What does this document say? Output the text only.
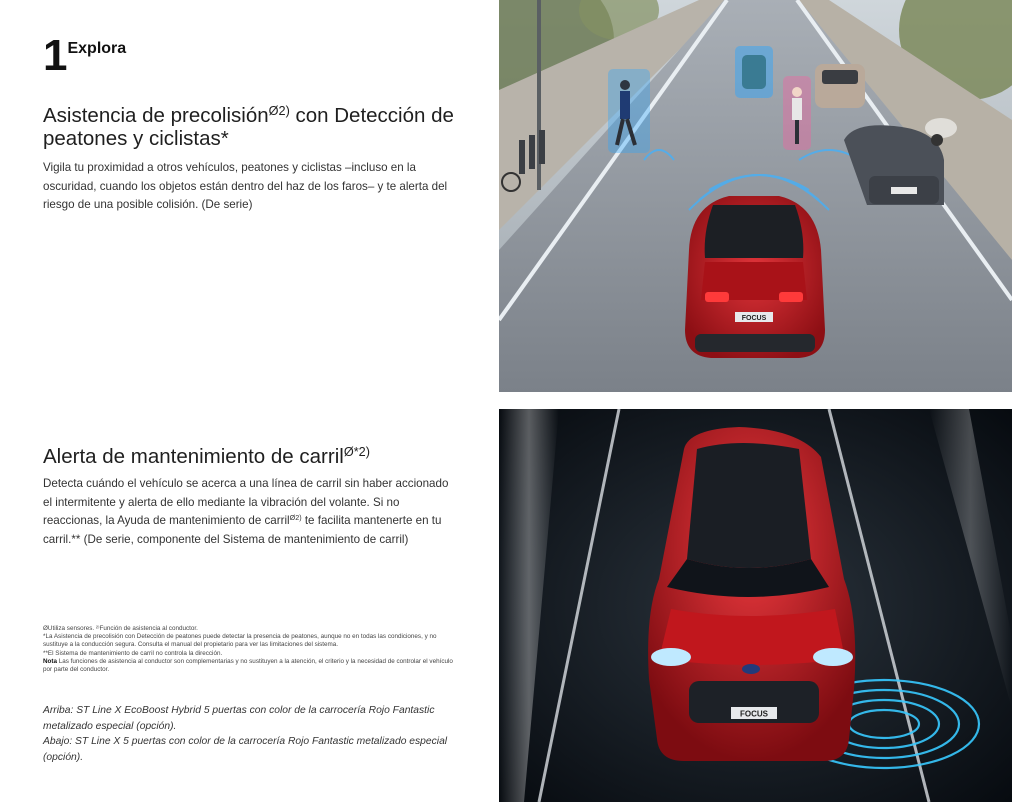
1 Explora
Asistencia de precolisión$^{Ø2)}$ con Detección de peatones y ciclistas*
Vigila tu proximidad a otros vehículos, peatones y ciclistas –incluso en la oscuridad, cuando los objetos están dentro del haz de los faros– y te alerta del riesgo de una posible colisión. (De serie)
Alerta de mantenimiento de carril$^{Ø*2)}$
Detecta cuándo el vehículo se acerca a una línea de carril sin haber accionado el intermitente y alerta de ello mediante la vibración del volante. Si no reaccionas, la Ayuda de mantenimiento de carril$^{Ø2)}$ te facilita mantenerte en tu carril.** (De serie, componente del Sistema de mantenimiento de carril)
ØUtiliza sensores. ²⁾Función de asistencia al conductor.
*La Asistencia de precolisión con Detección de peatones puede detectar la presencia de peatones, aunque no en todas las condiciones, y no sustituye a la conducción segura. Consulta el manual del propietario para ver las limitaciones del sistema.
**El Sistema de mantenimiento de carril no controla la dirección.
Nota Las funciones de asistencia al conductor son complementarias y no sustituyen a la atención, el criterio y la necesidad de controlar el vehículo por parte del conductor.
Arriba: ST Line X EcoBoost Hybrid 5 puertas con color de la carrocería Rojo Fantastic metalizado especial (opción).
Abajo: ST Line X 5 puertas con color de la carrocería Rojo Fantastic metalizado especial (opción).
FOCUS
FOCUS
